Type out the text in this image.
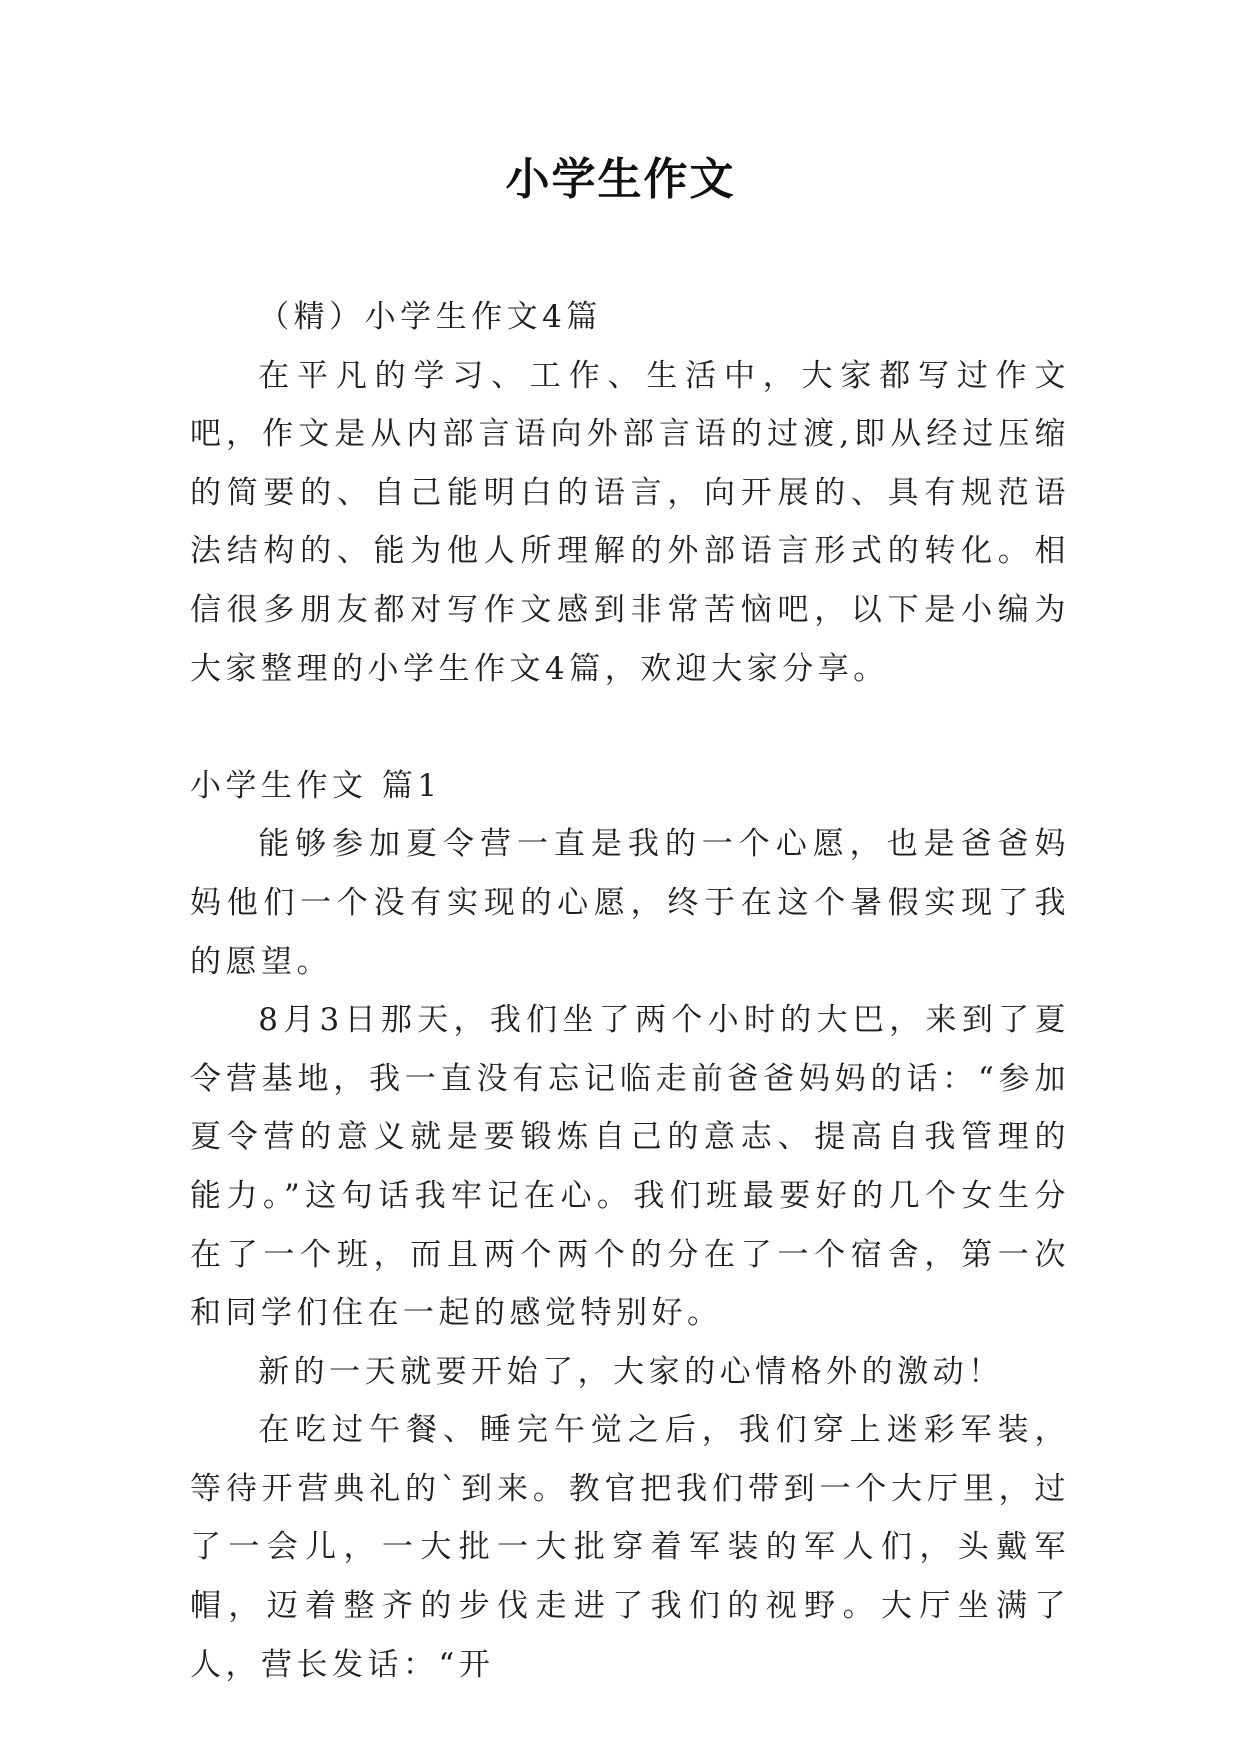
小学生作文

（精）小学生作文4篇

在平凡的学习、工作、生活中，大家都写过作文吧，作文是从内部言语向外部言语的过渡,即从经过压缩的简要的、自己能明白的语言，向开展的、具有规范语法结构的、能为他人所理解的外部语言形式的转化。相信很多朋友都对写作文感到非常苦恼吧，以下是小编为大家整理的小学生作文4篇，欢迎大家分享。

小学生作文 篇1

能够参加夏令营一直是我的一个心愿，也是爸爸妈妈他们一个没有实现的心愿，终于在这个暑假实现了我的愿望。

8月3日那天，我们坐了两个小时的大巴，来到了夏令营基地，我一直没有忘记临走前爸爸妈妈的话：“参加夏令营的意义就是要锻炼自己的意志、提高自我管理的能力。”这句话我牢记在心。我们班最要好的几个女生分在了一个班，而且两个两个的分在了一个宿舍，第一次和同学们住在一起的感觉特别好。

新的一天就要开始了，大家的心情格外的激动！

在吃过午餐、睡完午觉之后，我们穿上迷彩军装，等待开营典礼的`到来。教官把我们带到一个大厅里，过了一会儿，一大批一大批穿着军装的军人们，头戴军帽，迈着整齐的步伐走进了我们的视野。大厅坐满了人，营长发话：“开
